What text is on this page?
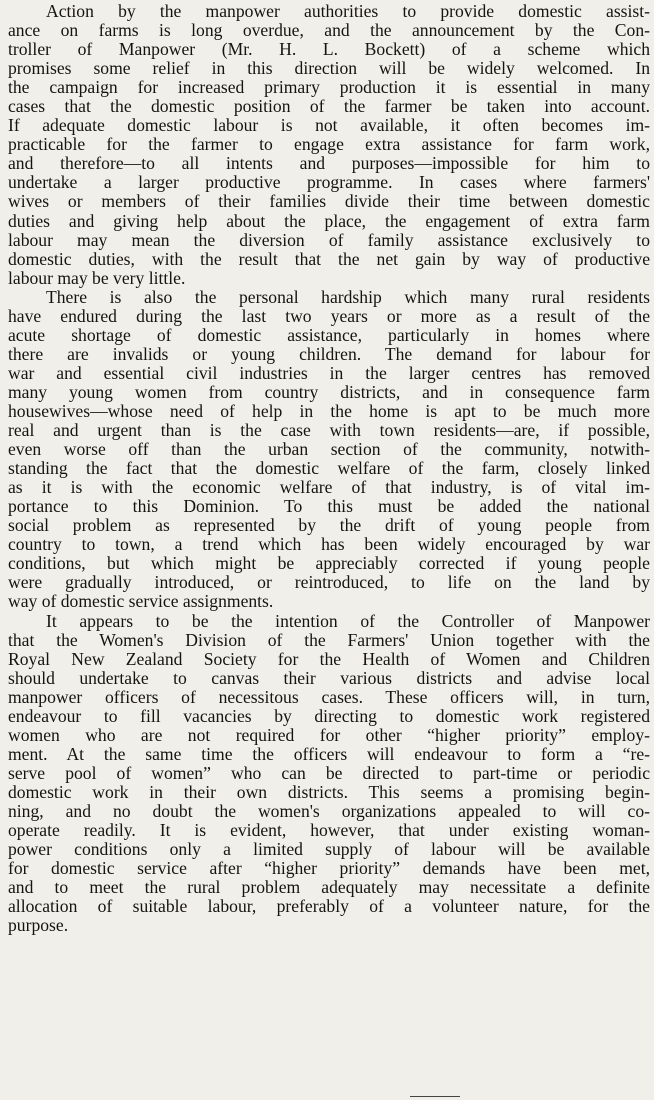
Action by the manpower authorities to provide domestic assist-
ance on farms is long overdue, and the announcement by the Con-
troller of Manpower (Mr. H. L. Bockett) of a scheme which
promises some relief in this direction will be widely welcomed. In
the campaign for increased primary production it is essential in many
cases that the domestic position of the farmer be taken into account.
If adequate domestic labour is not available, it often becomes im-
practicable for the farmer to engage extra assistance for farm work,
and therefore—to all intents and purposes—impossible for him to
undertake a larger productive programme. In cases where farmers'
wives or members of their families divide their time between domestic
duties and giving help about the place, the engagement of extra farm
labour may mean the diversion of family assistance exclusively to
domestic duties, with the result that the net gain by way of productive
labour may be very little.
There is also the personal hardship which many rural residents
have endured during the last two years or more as a result of the
acute shortage of domestic assistance, particularly in homes where
there are invalids or young children. The demand for labour for
war and essential civil industries in the larger centres has removed
many young women from country districts, and in consequence farm
housewives—whose need of help in the home is apt to be much more
real and urgent than is the case with town residents—are, if possible,
even worse off than the urban section of the community, notwith-
standing the fact that the domestic welfare of the farm, closely linked
as it is with the economic welfare of that industry, is of vital im-
portance to this Dominion. To this must be added the national
social problem as represented by the drift of young people from
country to town, a trend which has been widely encouraged by war
conditions, but which might be appreciably corrected if young people
were gradually introduced, or reintroduced, to life on the land by
way of domestic service assignments.
It appears to be the intention of the Controller of Manpower
that the Women's Division of the Farmers' Union together with the
Royal New Zealand Society for the Health of Women and Children
should undertake to canvas their various districts and advise local
manpower officers of necessitous cases. These officers will, in turn,
endeavour to fill vacancies by directing to domestic work registered
women who are not required for other “higher priority” employ-
ment. At the same time the officers will endeavour to form a “re-
serve pool of women” who can be directed to part-time or periodic
domestic work in their own districts. This seems a promising begin-
ning, and no doubt the women's organizations appealed to will co-
operate readily. It is evident, however, that under existing woman-
power conditions only a limited supply of labour will be available
for domestic service after “higher priority” demands have been met,
and to meet the rural problem adequately may necessitate a definite
allocation of suitable labour, preferably of a volunteer nature, for the
purpose.
